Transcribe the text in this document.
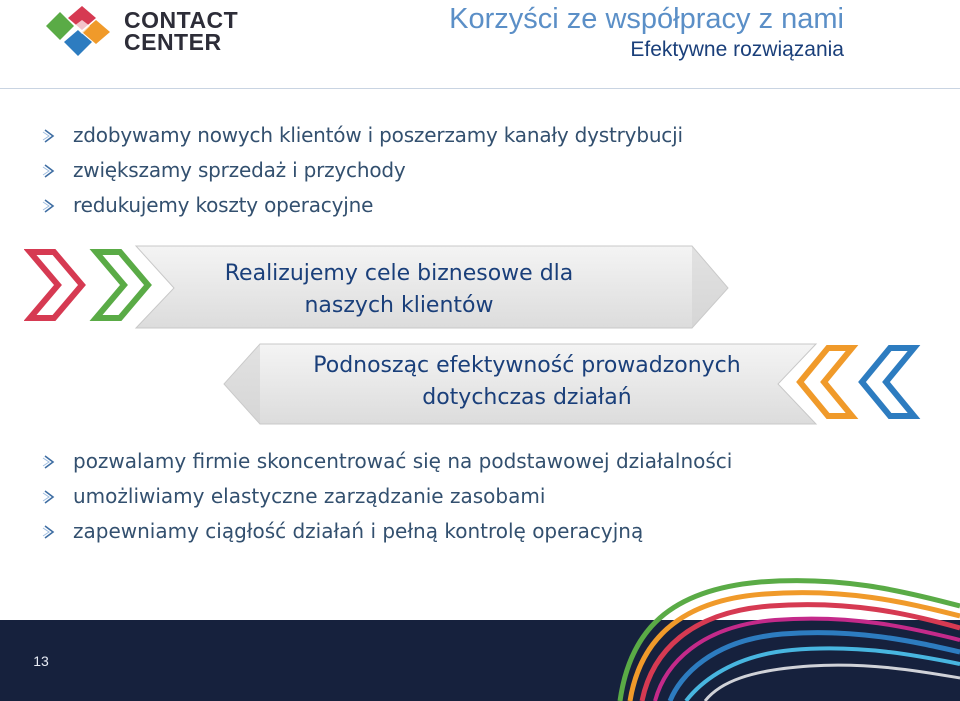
CONTACT
CENTER
Korzyści ze współpracy z nami
Efektywne rozwiązania
zdobywamy nowych klientów i poszerzamy kanały dystrybucji
zwiększamy sprzedaż i przychody
redukujemy koszty operacyjne
Realizujemy cele biznesowe dla
naszych klientów
Podnosząc efektywność prowadzonych
dotychczas działań
pozwalamy firmie skoncentrować się na podstawowej działalności
umożliwiamy elastyczne zarządzanie zasobami
zapewniamy ciągłość działań i pełną kontrolę operacyjną
13
